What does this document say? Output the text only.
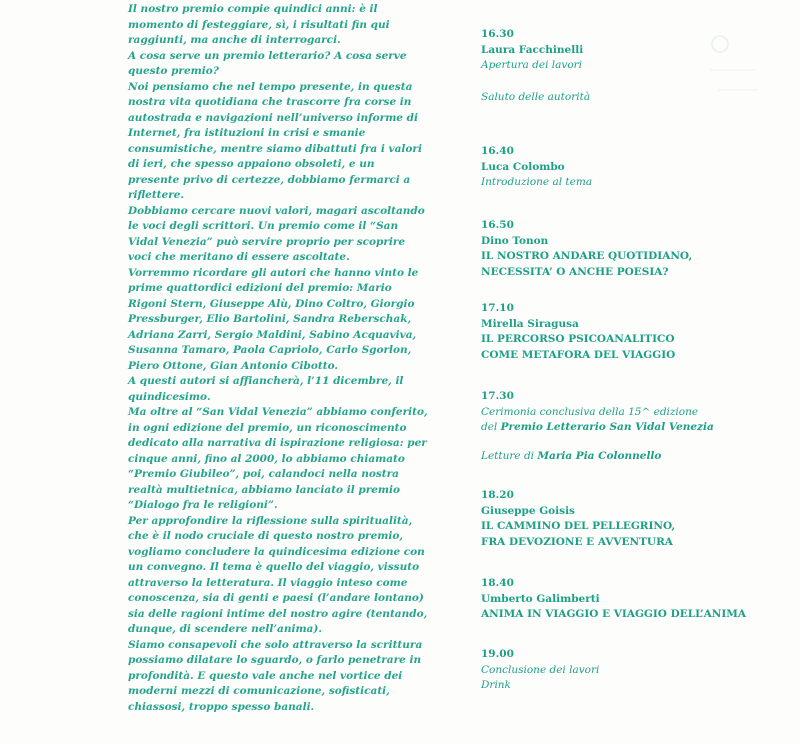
Il nostro premio compie quindici anni: è il momento di festeggiare, sì, i risultati fin qui raggiunti, ma anche di interrogarci.

A cosa serve un premio letterario? A cosa serve questo premio?

Noi pensiamo che nel tempo presente, in questa nostra vita quotidiana che trascorre fra corse in autostrada e navigazioni nell’universo informe di Internet, fra istituzioni in crisi e smanie consumistiche, mentre siamo dibattuti fra i valori di ieri, che spesso appaiono obsoleti, e un presente privo di certezze, dobbiamo fermarci a riflettere.

Dobbiamo cercare nuovi valori, magari ascoltando le voci degli scrittori. Un premio come il “San Vidal Venezia” può servire proprio per scoprire voci che meritano di essere ascoltate.

Vorremmo ricordare gli autori che hanno vinto le prime quattordici edizioni del premio: Mario Rigoni Stern, Giuseppe Alù, Dino Coltro, Giorgio Pressburger, Elio Bartolini, Sandra Reberschak, Adriana Zarri, Sergio Maldini, Sabino Acquaviva, Susanna Tamaro, Paola Capriolo, Carlo Sgorlon, Piero Ottone, Gian Antonio Cibotto.

A questi autori si affiancherà, l’11 dicembre, il quindicesimo.

Ma oltre al “San Vidal Venezia” abbiamo conferito, in ogni edizione del premio, un riconoscimento dedicato alla narrativa di ispirazione religiosa: per cinque anni, fino al 2000, lo abbiamo chiamato “Premio Giubileo”, poi, calandoci nella nostra realtà multietnica, abbiamo lanciato il premio “Dialogo fra le religioni”.

Per approfondire la riflessione sulla spiritualità, che è il nodo cruciale di questo nostro premio, vogliamo concludere la quindicesima edizione con un convegno. Il tema è quello del viaggio, vissuto attraverso la letteratura. Il viaggio inteso come conoscenza, sia di genti e paesi (l’andare lontano) sia delle ragioni intime del nostro agire (tentando, dunque, di scendere nell’anima).

Siamo consapevoli che solo attraverso la scrittura possiamo dilatare lo sguardo, o farlo penetrare in profondità. E questo vale anche nel vortice dei moderni mezzi di comunicazione, sofisticati, chiassosi, troppo spesso banali.

16.30
Laura Facchinelli
Apertura dei lavori
Saluto delle autorità
16.40
Luca Colombo
Introduzione al tema
16.50
Dino Tonon
IL NOSTRO ANDARE QUOTIDIANO,
NECESSITA’ O ANCHE POESIA?
17.10
Mirella Siragusa
IL PERCORSO PSICOANALITICO
COME METAFORA DEL VIAGGIO
17.30
Cerimonia conclusiva della 15^ edizione
del Premio Letterario San Vidal Venezia
Letture di Maria Pia Colonnello
18.20
Giuseppe Goisis
IL CAMMINO DEL PELLEGRINO,
FRA DEVOZIONE E AVVENTURA
18.40
Umberto Galimberti
ANIMA IN VIAGGIO E VIAGGIO DELL’ANIMA
19.00
Conclusione dei lavori
Drink
